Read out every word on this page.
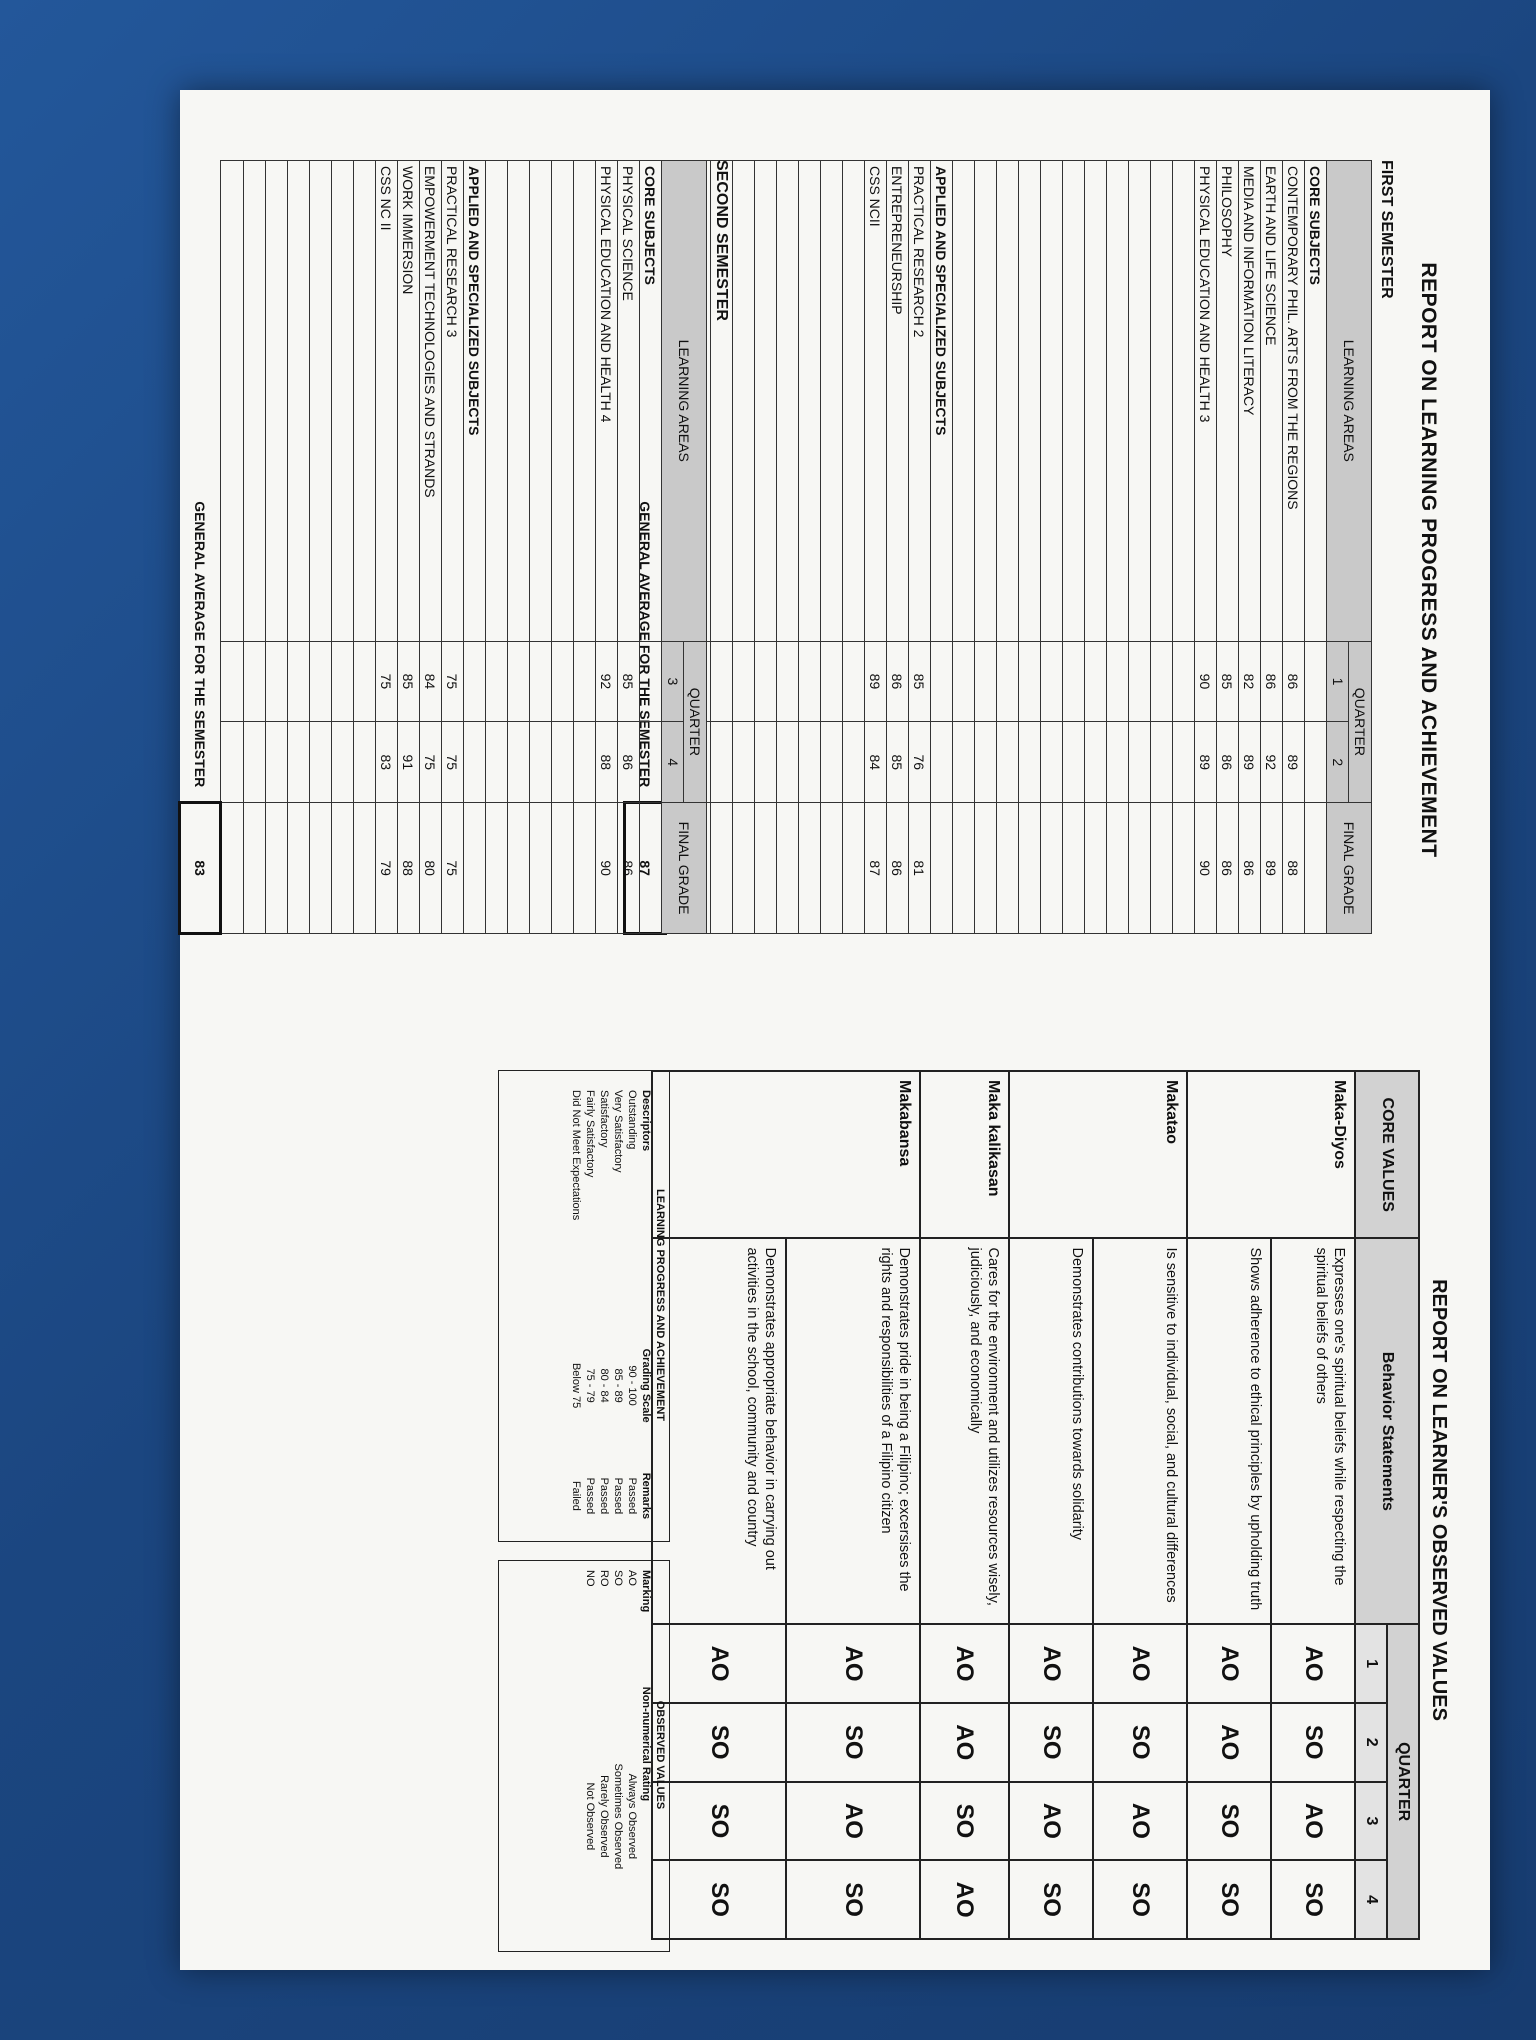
REPORT ON LEARNING PROGRESS AND ACHIEVEMENT
FIRST SEMESTER
LEARNING AREAS	QUARTER		FINAL GRADE
	1	2	
CORE SUBJECTS			
CONTEMPORARY PHIL. ARTS FROM THE REGIONS	86	89	88
EARTH AND LIFE SCIENCE	86	92	89
MEDIA AND INFORMATION LITERACY	82	89	86
PHILOSOPHY	85	86	86
PHYSICAL EDUCATION AND HEALTH 3	90	89	90

APPLIED AND SPECIALIZED SUBJECTS			
PRACTICAL RESEARCH 2	85	76	81
ENTREPRENEURSHIP	86	85	86
CSS NCII	89	84	87

GENERAL AVERAGE FOR THE SEMESTER			87
SECOND SEMESTER
LEARNING AREAS	QUARTER		FINAL GRADE
	3	4	
CORE SUBJECTS			
PHYSICAL SCIENCE	85	86	86
PHYSICAL EDUCATION AND HEALTH 4	92	88	90

APPLIED AND SPECIALIZED SUBJECTS			
PRACTICAL RESEARCH 3	75	75	75
EMPOWERMENT TECHNOLOGIES AND STRANDS	84	75	80
WORK IMMERSION	85	91	88
CSS NC II	75	83	79

GENERAL AVERAGE FOR THE SEMESTER			83
REPORT ON LEARNER'S OBSERVED VALUES
CORE VALUES	Behavior Statements	QUARTER			
		1	2	3	4
Maka-Diyos	Expresses one's spiritual beliefs while respecting the spiritual beliefs of others	AO	SO	AO	SO
	Shows adherence to ethical principles by upholding truth	AO	AO	SO	SO
Makatao	Is sensitive to individual, social, and cultural differences	AO	SO	AO	SO
	Demonstrates contributions towards solidarity	AO	SO	AO	SO
Maka kalikasan	Cares for the environment and utilizes resources wisely, judiciously, and economically	AO	AO	SO	AO
Makabansa	Demonstrates pride in being a Filipino; excersises the rights and responsibilities of a Filipino citizen	AO	SO	AO	SO
	Demonstrates appropriate behavior in carrying out activities in the school, community and country	AO	SO	SO	SO
LEARNING PROGRESS AND ACHIEVEMENT		
Descriptors	Grading Scale	Remarks
Outstanding	90 - 100	Passed
Very Satisfactory	85 - 89	Passed
Satisfactory	80 - 84	Passed
Fairly Satisfactory	75 - 79	Passed
Did Not Meet Expectations	Below 75	Failed
OBSERVED VALUES	
Marking	Non-numerical Rating
AO	Always Observed
SO	Sometimes Observed
RO	Rarely Observed
NO	Not Observed
